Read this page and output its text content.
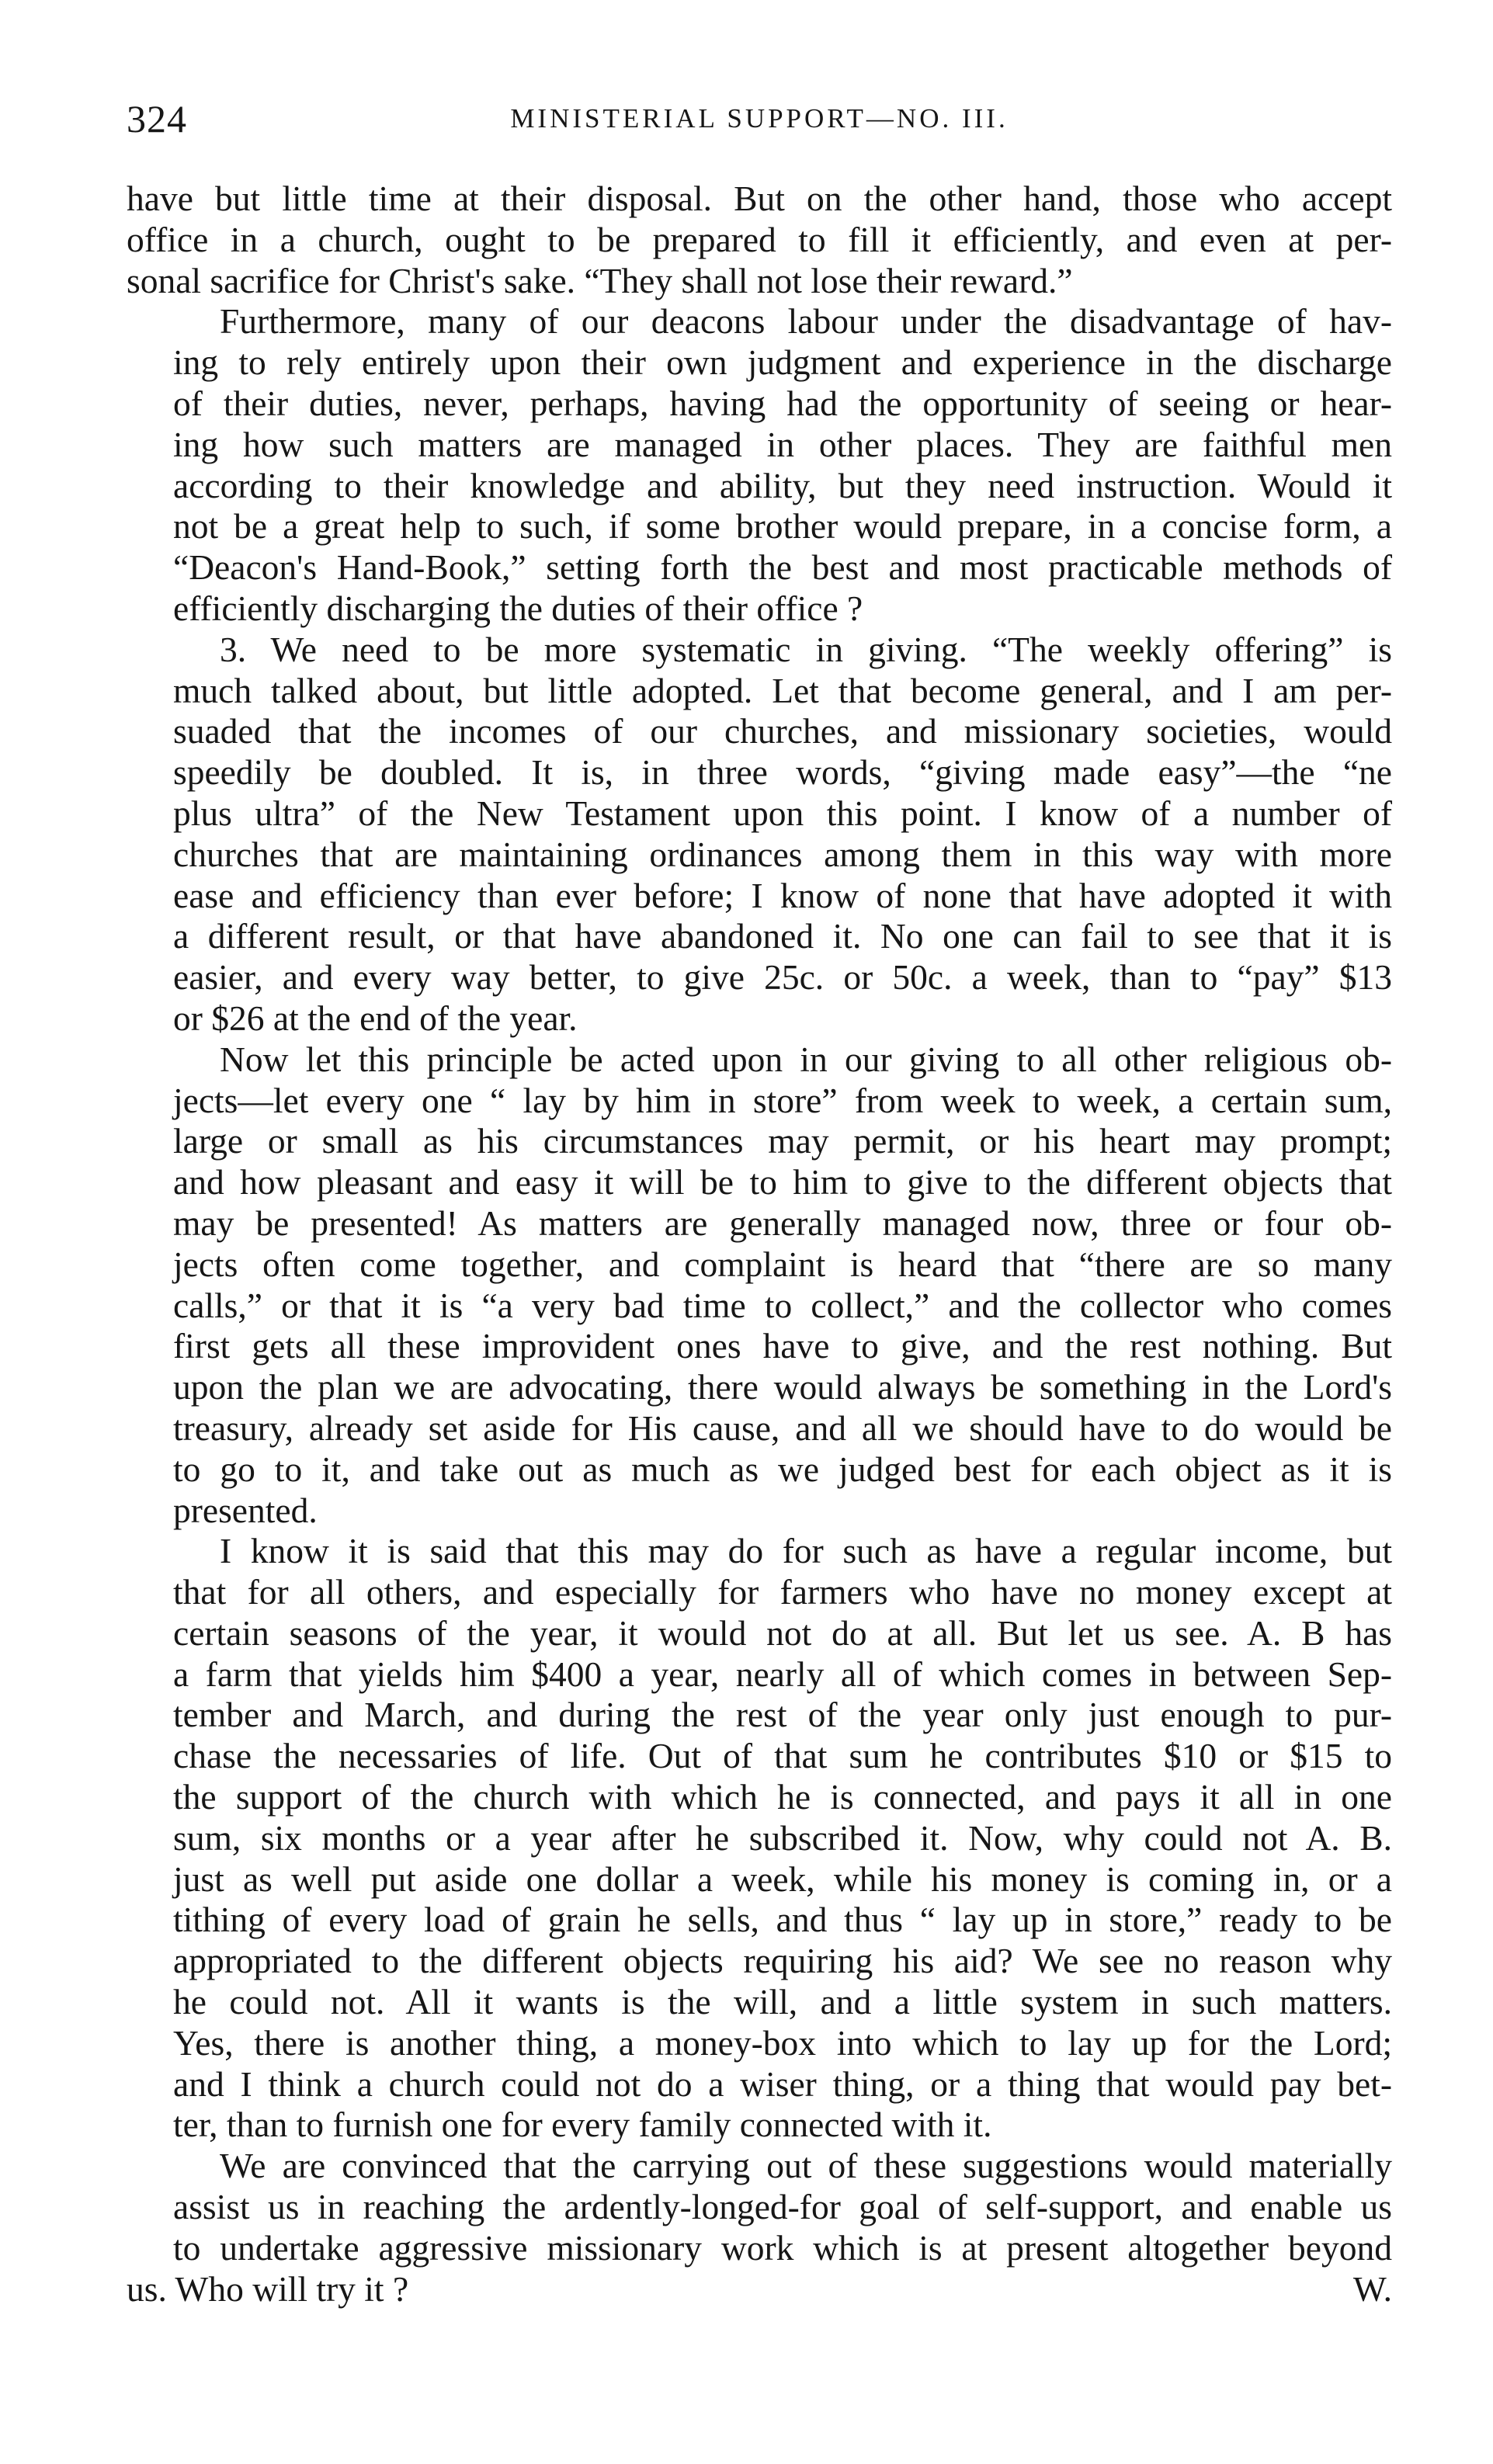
324	MINISTERIAL SUPPORT—NO. III.
have but little time at their disposal. But on the other hand, those who accept
office in a church, ought to be prepared to fill it efficiently, and even at per-
sonal sacrifice for Christ's sake. “They shall not lose their reward.”
Furthermore, many of our deacons labour under the disadvantage of hav-
ing to rely entirely upon their own judgment and experience in the discharge
of their duties, never, perhaps, having had the opportunity of seeing or hear-
ing how such matters are managed in other places. They are faithful men
according to their knowledge and ability, but they need instruction. Would it
not be a great help to such, if some brother would prepare, in a concise form, a
“Deacon's Hand-Book,” setting forth the best and most practicable methods of
efficiently discharging the duties of their office ?
3. We need to be more systematic in giving. “The weekly offering” is
much talked about, but little adopted. Let that become general, and I am per-
suaded that the incomes of our churches, and missionary societies, would
speedily be doubled. It is, in three words, “giving made easy”—the “ne
plus ultra” of the New Testament upon this point. I know of a number of
churches that are maintaining ordinances among them in this way with more
ease and efficiency than ever before; I know of none that have adopted it with
a different result, or that have abandoned it. No one can fail to see that it is
easier, and every way better, to give 25c. or 50c. a week, than to “pay” $13
or $26 at the end of the year.
Now let this principle be acted upon in our giving to all other religious ob-
jects—let every one “ lay by him in store” from week to week, a certain sum,
large or small as his circumstances may permit, or his heart may prompt;
and how pleasant and easy it will be to him to give to the different objects that
may be presented! As matters are generally managed now, three or four ob-
jects often come together, and complaint is heard that “there are so many
calls,” or that it is “a very bad time to collect,” and the collector who comes
first gets all these improvident ones have to give, and the rest nothing. But
upon the plan we are advocating, there would always be something in the Lord's
treasury, already set aside for His cause, and all we should have to do would be
to go to it, and take out as much as we judged best for each object as it is
presented.
I know it is said that this may do for such as have a regular income, but
that for all others, and especially for farmers who have no money except at
certain seasons of the year, it would not do at all. But let us see. A. B has
a farm that yields him $400 a year, nearly all of which comes in between Sep-
tember and March, and during the rest of the year only just enough to pur-
chase the necessaries of life. Out of that sum he contributes $10 or $15 to
the support of the church with which he is connected, and pays it all in one
sum, six months or a year after he subscribed it. Now, why could not A. B.
just as well put aside one dollar a week, while his money is coming in, or a
tithing of every load of grain he sells, and thus “ lay up in store,” ready to be
appropriated to the different objects requiring his aid? We see no reason why
he could not. All it wants is the will, and a little system in such matters.
Yes, there is another thing, a money-box into which to lay up for the Lord;
and I think a church could not do a wiser thing, or a thing that would pay bet-
ter, than to furnish one for every family connected with it.
We are convinced that the carrying out of these suggestions would materially
assist us in reaching the ardently-longed-for goal of self-support, and enable us
to undertake aggressive missionary work which is at present altogether beyond
us. Who will try it ?	W.
